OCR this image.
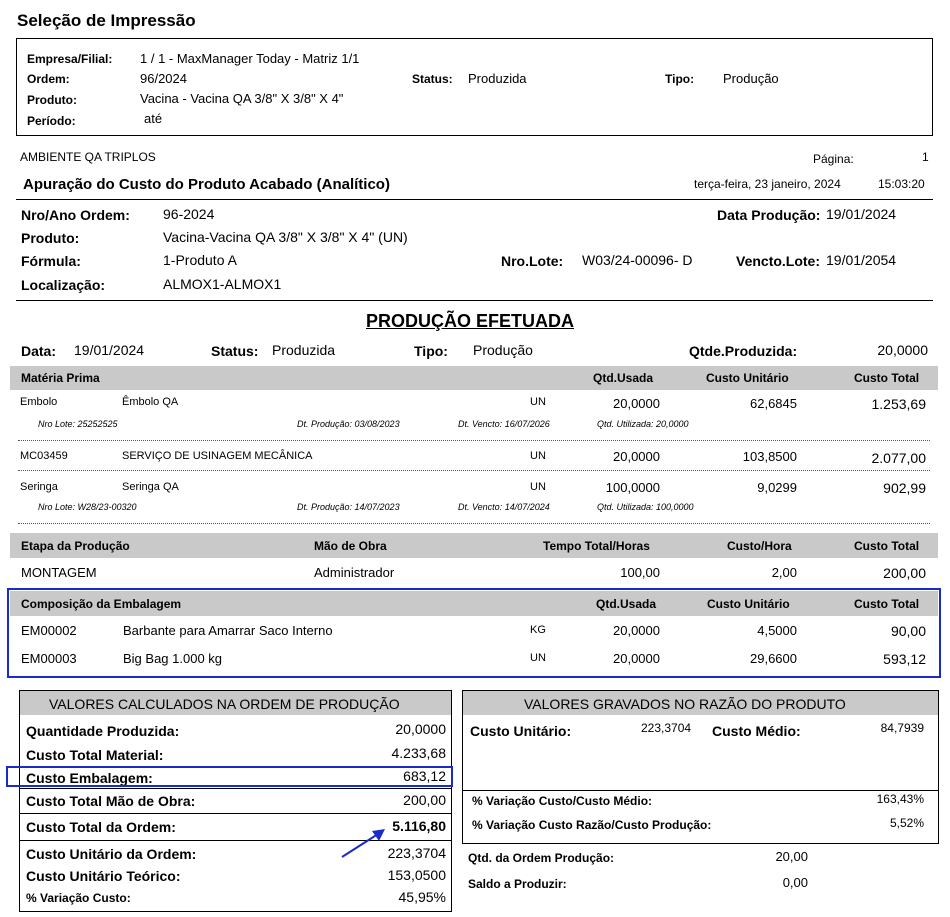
Seleção de Impressão
Empresa/Filial: 1 / 1 - MaxManager Today - Matriz 1/1
Ordem:	96/2024
Produto:	Vacina - Vacina QA 3/8" X 3/8" X 4"
Período:	até
Status: Produzida	Tipo: Produção
AMBIENTE QA TRIPLOS	Página:	1
Apuração do Custo do Produto Acabado (Analítico)	terça-feira, 23 janeiro, 2024	15:03:20
Nro/Ano Ordem: 96-2024	Data Produção: 19/01/2024
Produto:	Vacina-Vacina QA 3/8" X 3/8" X 4" (UN)
Fórmula:	1-Produto A	Nro.Lote: W03/24-00096- D	Vencto.Lote: 19/01/2054
Localização:	ALMOX1-ALMOX1
PRODUÇÃO EFETUADA
Data: 19/01/2024	Status: Produzida	Tipo: Produção	Qtde.Produzida:	20,0000
Matéria Prima	Qtd.Usada	Custo Unitário	Custo Total
Embolo	Êmbolo QA	UN	20,0000	62,6845	1.253,69
Nro Lote: 25252525	Dt. Produção: 03/08/2023	Dt. Vencto: 16/07/2026	Qtd. Utilizada: 20,0000
MC03459	SERVIÇO DE USINAGEM MECÂNICA	UN	20,0000	103,8500	2.077,00
Seringa	Seringa QA	UN	100,0000	9,0299	902,99
Nro Lote: W28/23-00320	Dt. Produção: 14/07/2023	Dt. Vencto: 14/07/2024	Qtd. Utilizada: 100,0000
Etapa da Produção	Mão de Obra	Tempo Total/Horas	Custo/Hora	Custo Total
MONTAGEM	Administrador	100,00	2,00	200,00
Composição da Embalagem	Qtd.Usada	Custo Unitário	Custo Total
EM00002	Barbante para Amarrar Saco Interno	KG	20,0000	4,5000	90,00
EM00003	Big Bag 1.000 kg	UN	20,0000	29,6600	593,12
VALORES CALCULADOS NA ORDEM DE PRODUÇÃO
Quantidade Produzida:	20,0000
Custo Total Material:	4.233,68
Custo Embalagem:	683,12
Custo Total Mão de Obra:	200,00
Custo Total da Ordem:	5.116,80
Custo Unitário da Ordem:	223,3704
Custo Unitário Teórico:	153,0500
% Variação Custo:	45,95%
VALORES GRAVADOS NO RAZÃO DO PRODUTO
Custo Unitário:	223,3704 Custo Médio:	84,7939
% Variação Custo/Custo Médio:	163,43%
% Variação Custo Razão/Custo Produção:	5,52%
Qtd. da Ordem Produção:	20,00
Saldo a Produzir:	0,00
